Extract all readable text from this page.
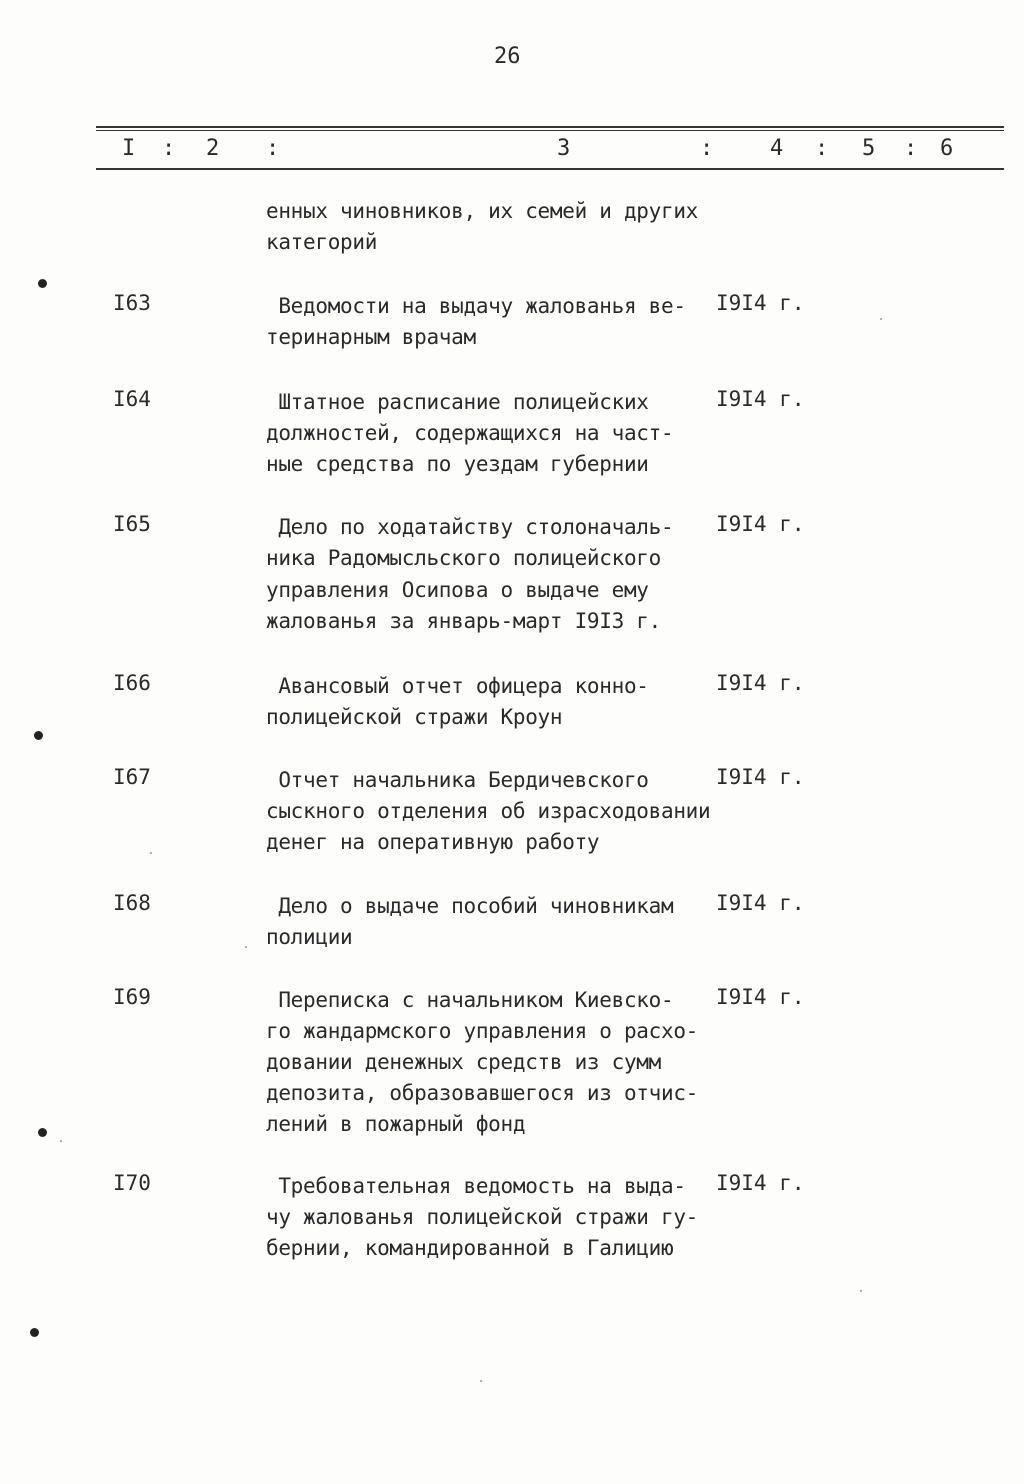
26
I : 2 :	3	:	4 : 5 : 6
енных чиновников, их семей и других
категорий
I63	Ведомости на выдачу жалованья ве-
теринарным врачам
I9I4 г.
I64	Штатное расписание полицейских
должностей, содержащихся на част-
ные средства по уездам губернии
I9I4 г.
I65	Дело по ходатайству столоначаль-
ника Радомысльского полицейского
управления Осипова о выдаче ему
жалованья за январь-март I9I3 г.
I9I4 г.
I66	Авансовый отчет офицера конно-
полицейской стражи Кроун
I9I4 г.
I67	Отчет начальника Бердичевского
сыскного отделения об израсходовании
денег на оперативную работу
I9I4 г.
I68	Дело о выдаче пособий чиновникам
полиции
I9I4 г.
I69	Переписка с начальником Киевско-
го жандармского управления о расхо-
довании денежных средств из сумм
депозита, образовавшегося из отчис-
лений в пожарный фонд
I9I4 г.
I70	Требовательная ведомость на выда-
чу жалованья полицейской стражи гу-
бернии, командированной в Галицию
I9I4 г.
